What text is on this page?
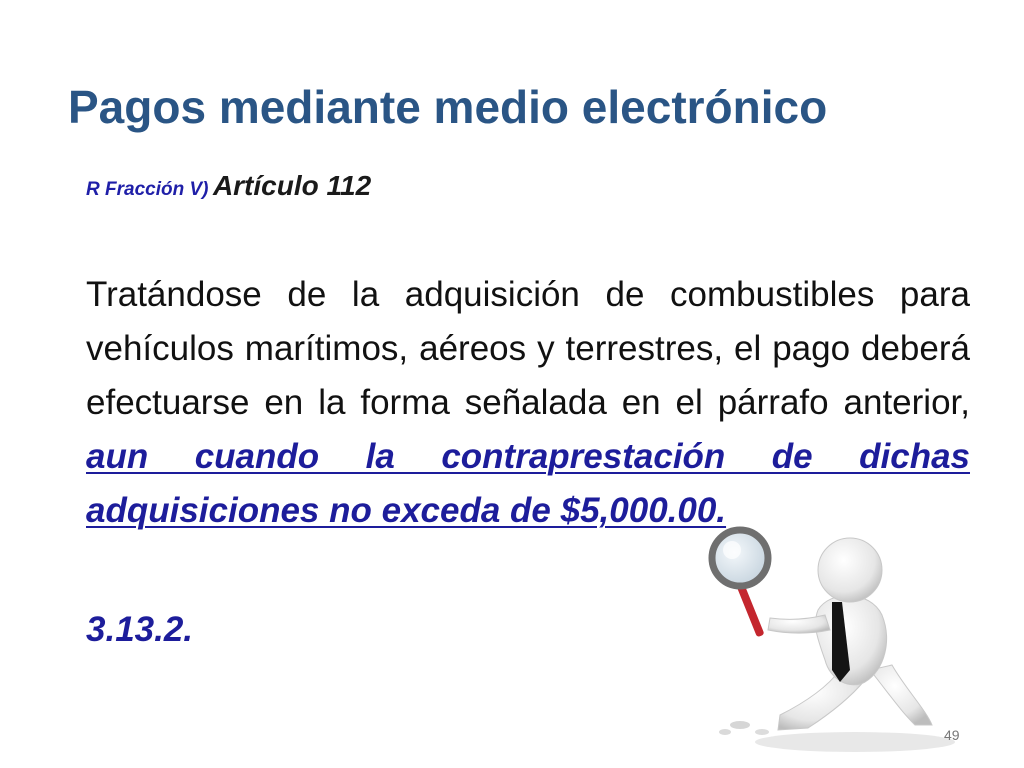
Pagos mediante medio electrónico
R Fracción V) Artículo 112
Tratándose de la adquisición de combustibles para vehículos marítimos, aéreos y terrestres, el pago deberá efectuarse en la forma señalada en el párrafo anterior, aun cuando la contraprestación de dichas adquisiciones no exceda de $5,000.00.
3.13.2.
49
